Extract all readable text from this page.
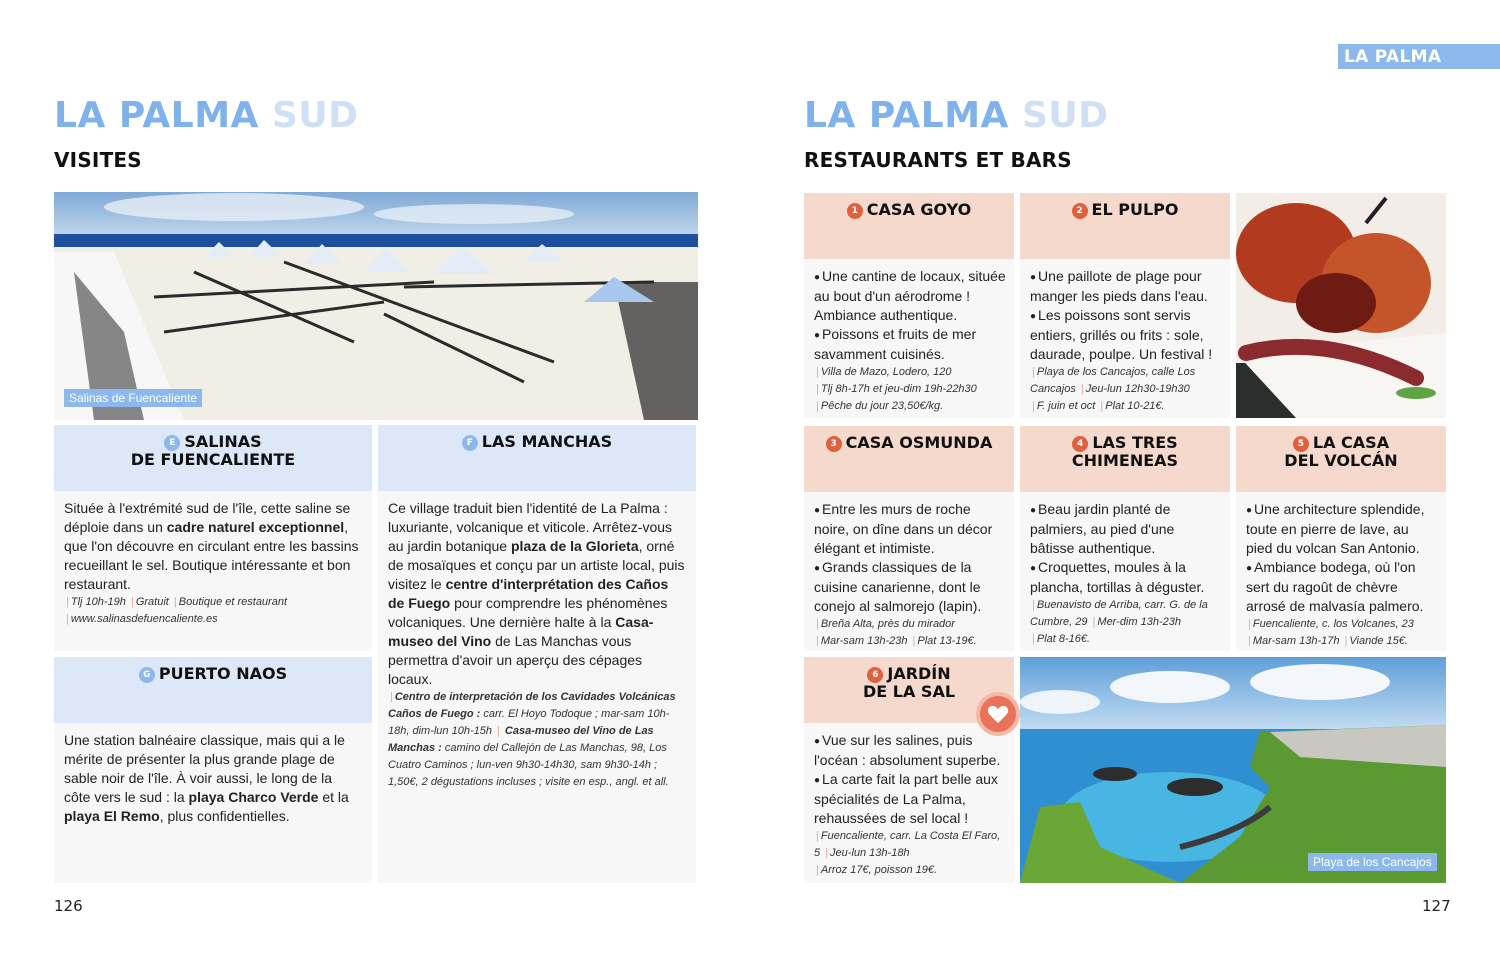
LA PALMA
LA PALMA SUD
VISITES
Salinas de Fuencaliente
E SALINAS
DE FUENCALIENTE
Située à l'extrémité sud de l'île, cette saline se déploie dans un cadre naturel exceptionnel, que l'on découvre en circulant entre les bassins recueillant le sel. Boutique intéressante et bon restaurant.
| Tlj 10h-19h | Gratuit | Boutique et restaurant
| www.salinasdefuencaliente.es
F LAS MANCHAS
Ce village traduit bien l'identité de La Palma : luxuriante, volcanique et viticole. Arrêtez-vous au jardin botanique plaza de la Glorieta, orné de mosaïques et conçu par un artiste local, puis visitez le centre d'interprétation des Caños de Fuego pour comprendre les phénomènes volcaniques. Une dernière halte à la Casa-museo del Vino de Las Manchas vous permettra d'avoir un aperçu des cépages locaux.
| Centro de interpretación de los Cavidades Volcánicas Caños de Fuego : carr. El Hoyo Todoque ; mar-sam 10h-18h, dim-lun 10h-15h | Casa-museo del Vino de Las Manchas : camino del Callejón de Las Manchas, 98, Los Cuatro Caminos ; lun-ven 9h30-14h30, sam 9h30-14h ; 1,50€, 2 dégustations incluses ; visite en esp., angl. et all.
G PUERTO NAOS
Une station balnéaire classique, mais qui a le mérite de présenter la plus grande plage de sable noir de l'île. À voir aussi, le long de la côte vers le sud : la playa Charco Verde et la playa El Remo, plus confidentielles.
126
LA PALMA SUD
RESTAURANTS ET BARS
1 CASA GOYO
● Une cantine de locaux, située au bout d'un aérodrome ! Ambiance authentique.
● Poissons et fruits de mer savamment cuisinés.
| Villa de Mazo, Lodero, 120
| Tlj 8h-17h et jeu-dim 19h-22h30
| Pêche du jour 23,50€/kg.
2 EL PULPO
● Une paillote de plage pour manger les pieds dans l'eau.
● Les poissons sont servis entiers, grillés ou frits : sole, daurade, poulpe. Un festival !
| Playa de los Cancajos, calle Los Cancajos | Jeu-lun 12h30-19h30
| F. juin et oct | Plat 10-21€.
3 CASA OSMUNDA
● Entre les murs de roche noire, on dîne dans un décor élégant et intimiste.
● Grands classiques de la cuisine canarienne, dont le conejo al salmorejo (lapin).
| Breña Alta, près du mirador
| Mar-sam 13h-23h | Plat 13-19€.
4 LAS TRES
CHIMENEAS
● Beau jardin planté de palmiers, au pied d'une bâtisse authentique.
● Croquettes, moules à la plancha, tortillas à déguster.
| Buenavisto de Arriba, carr. G. de la Cumbre, 29 | Mer-dim 13h-23h
| Plat 8-16€.
5 LA CASA
DEL VOLCÁN
● Une architecture splendide, toute en pierre de lave, au pied du volcan San Antonio.
● Ambiance bodega, où l'on sert du ragoût de chèvre arrosé de malvasía palmero.
| Fuencaliente, c. los Volcanes, 23
| Mar-sam 13h-17h | Viande 15€.
6 JARDÍN
DE LA SAL
● Vue sur les salines, puis l'océan : absolument superbe.
● La carte fait la part belle aux spécialités de La Palma, rehaussées de sel local !
| Fuencaliente, carr. La Costa El Faro, 5 | Jeu-lun 13h-18h
| Arroz 17€, poisson 19€.
Playa de los Cancajos
127
